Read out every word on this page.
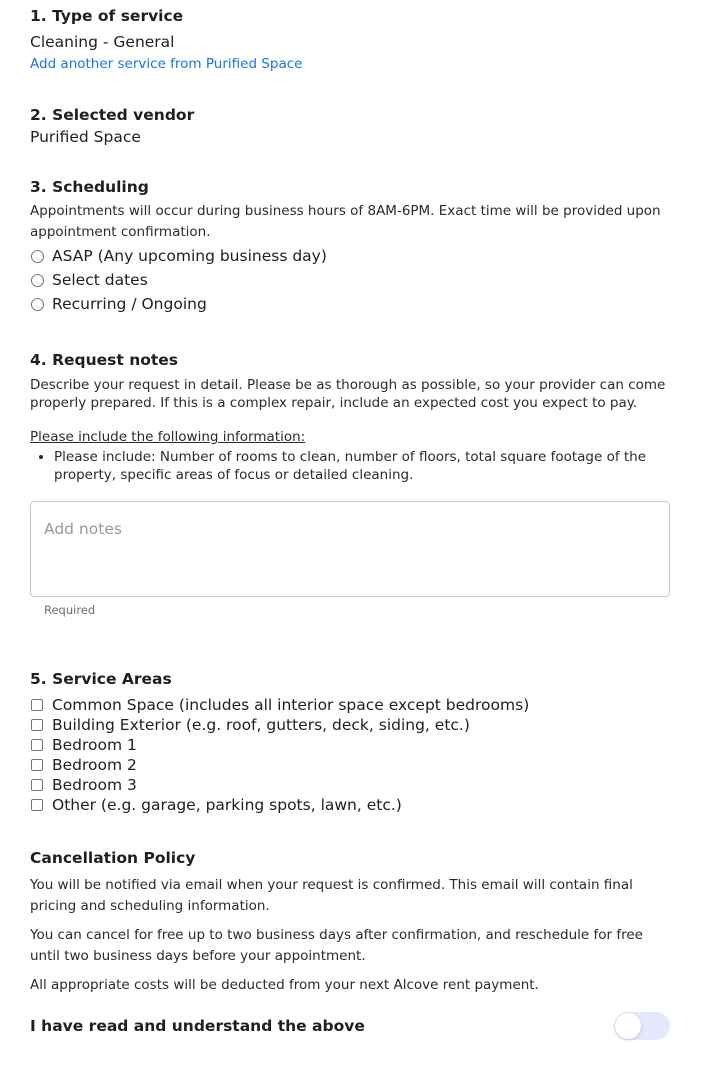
1. Type of service
Cleaning - General
Add another service from Purified Space
2. Selected vendor
Purified Space
3. Scheduling

Appointments will occur during business hours of 8AM-6PM. Exact time will be provided upon appointment confirmation.

ASAP (Any upcoming business day)
Select dates
Recurring / Ongoing
4. Request notes

Describe your request in detail. Please be as thorough as possible, so your provider can come properly prepared. If this is a complex repair, include an expected cost you expect to pay.

Please include the following information:
• Please include: Number of rooms to clean, number of floors, total square footage of the property, specific areas of focus or detailed cleaning.
Add notes
Required
5. Service Areas
Common Space (includes all interior space except bedrooms)
Building Exterior (e.g. roof, gutters, deck, siding, etc.)
Bedroom 1
Bedroom 2
Bedroom 3
Other (e.g. garage, parking spots, lawn, etc.)
Cancellation Policy

You will be notified via email when your request is confirmed. This email will contain final pricing and scheduling information.

You can cancel for free up to two business days after confirmation, and reschedule for free until two business days before your appointment.

All appropriate costs will be deducted from your next Alcove rent payment.

I have read and understand the above
